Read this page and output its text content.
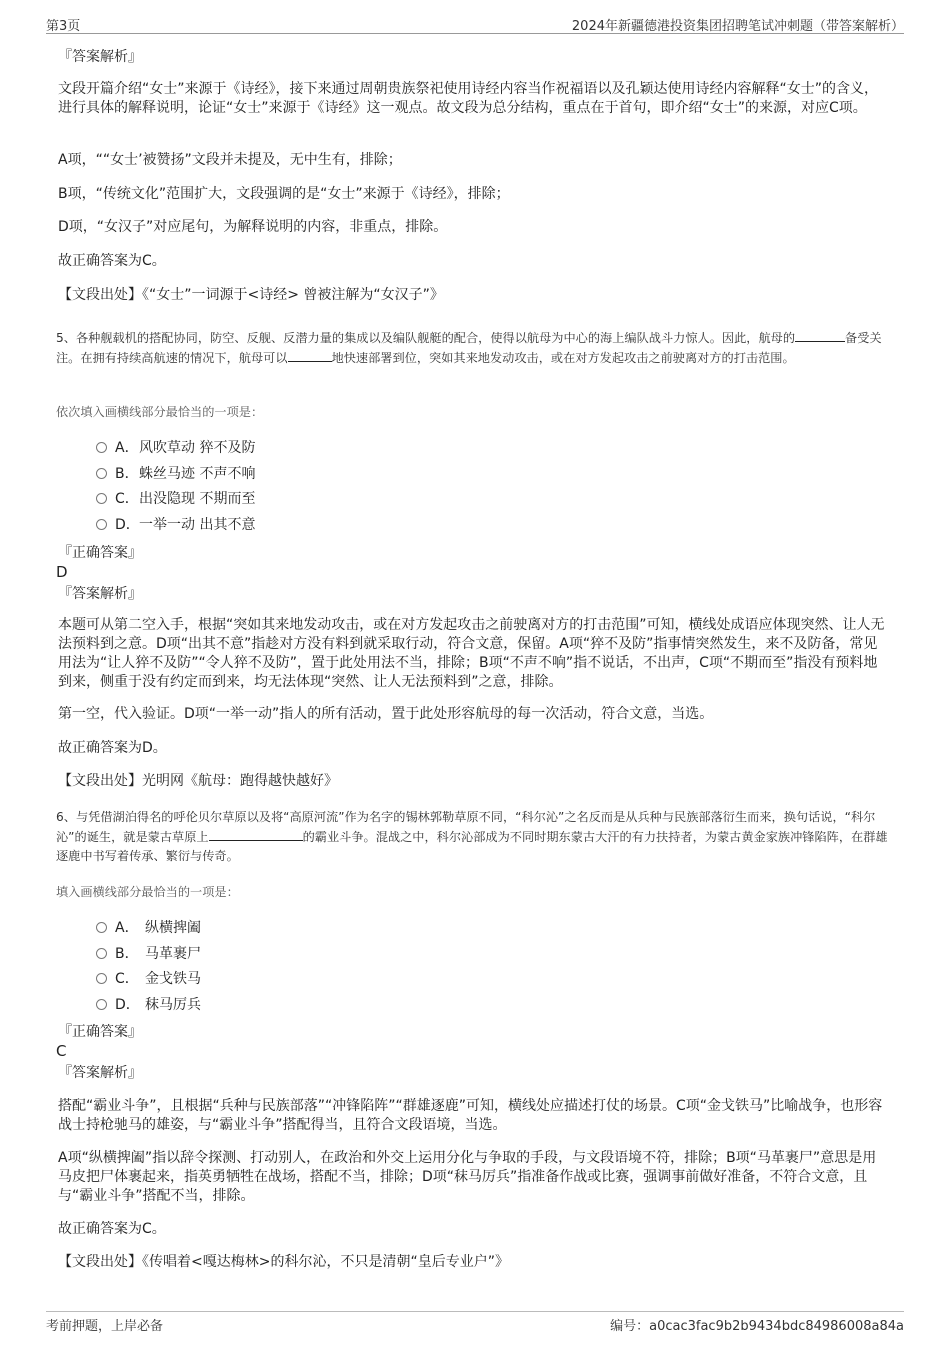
第3页	2024年新疆德港投资集团招聘笔试冲刺题（带答案解析）
『答案解析』
文段开篇介绍“女士”来源于《诗经》，接下来通过周朝贵族祭祀使用诗经内容当作祝福语以及孔颖达使用诗经内容解释“女士”的含义，进行具体的解释说明，论证“女士”来源于《诗经》这一观点。故文段为总分结构，重点在于首句，即介绍“女士”的来源，对应C项。
A项，““女士’被赞扬”文段并未提及，无中生有，排除；
B项，“传统文化”范围扩大，文段强调的是“女士”来源于《诗经》，排除；
D项，“女汉子”对应尾句，为解释说明的内容，非重点，排除。
故正确答案为C。
【文段出处】《“女士”一词源于<诗经> 曾被注解为“女汉子”》
5、各种舰载机的搭配协同，防空、反舰、反潜力量的集成以及编队舰艇的配合，使得以航母为中心的海上编队战斗力惊人。因此，航母的	备受关注。在拥有持续高航速的情况下，航母可以	地快速部署到位，突如其来地发动攻击，或在对方发起攻击之前驶离对方的打击范围。
依次填入画横线部分最恰当的一项是：
A．风吹草动 猝不及防
B．蛛丝马迹 不声不响
C．出没隐现 不期而至
D．一举一动 出其不意
『正确答案』
D
『答案解析』
本题可从第二空入手，根据“突如其来地发动攻击，或在对方发起攻击之前驶离对方的打击范围”可知，横线处成语应体现突然、让人无法预料到之意。D项“出其不意”指趁对方没有料到就采取行动，符合文意，保留。A项“猝不及防”指事情突然发生，来不及防备，常见用法为“让人猝不及防”“令人猝不及防”，置于此处用法不当，排除；B项“不声不响”指不说话，不出声，C项“不期而至”指没有预料地到来，侧重于没有约定而到来，均无法体现“突然、让人无法预料到”之意，排除。
第一空，代入验证。D项“一举一动”指人的所有活动，置于此处形容航母的每一次活动，符合文意，当选。
故正确答案为D。
【文段出处】光明网《航母：跑得越快越好》
6、与凭借湖泊得名的呼伦贝尔草原以及将“高原河流”作为名字的锡林郭勒草原不同，“科尔沁”之名反而是从兵种与民族部落衍生而来，换句话说，“科尔沁”的诞生，就是蒙古草原上	的霸业斗争。混战之中，科尔沁部成为不同时期东蒙古大汗的有力扶持者，为蒙古黄金家族冲锋陷阵，在群雄逐鹿中书写着传承、繁衍与传奇。
填入画横线部分最恰当的一项是：
A． 纵横捭阖
B． 马革裹尸
C． 金戈铁马
D． 秣马厉兵
『正确答案』
C
『答案解析』
搭配“霸业斗争”，且根据“兵种与民族部落”“冲锋陷阵”“群雄逐鹿”可知，横线处应描述打仗的场景。C项“金戈铁马”比喻战争，也形容战士持枪驰马的雄姿，与“霸业斗争”搭配得当，且符合文段语境，当选。
A项“纵横捭阖”指以辞令探测、打动别人，在政治和外交上运用分化与争取的手段，与文段语境不符，排除；B项“马革裹尸”意思是用马皮把尸体裹起来，指英勇牺牲在战场，搭配不当，排除；D项“秣马厉兵”指准备作战或比赛，强调事前做好准备，不符合文意，且与“霸业斗争”搭配不当，排除。
故正确答案为C。
【文段出处】《传唱着<嘎达梅林>的科尔沁，不只是清朝“皇后专业户”》
考前押题，上岸必备	编号：a0cac3fac9b2b9434bdc84986008a84a
